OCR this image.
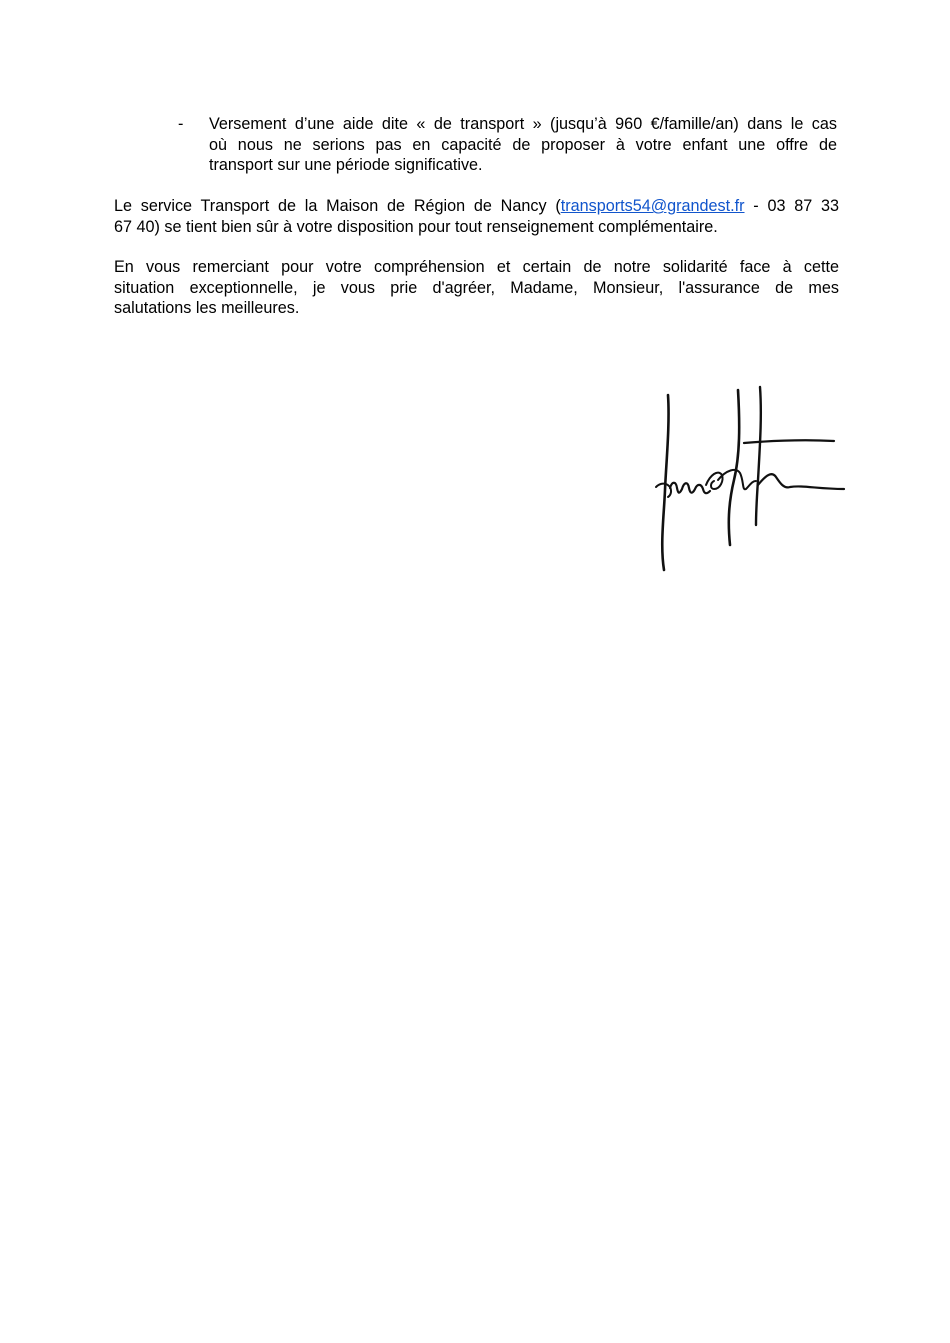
- Versement d’une aide dite « de transport » (jusqu’à 960 €/famille/an) dans le cas
où nous ne serions pas en capacité de proposer à votre enfant une offre de
transport sur une période significative.
Le service Transport de la Maison de Région de Nancy (transports54@grandest.fr - 03 87 33
67 40) se tient bien sûr à votre disposition pour tout renseignement complémentaire.
En vous remerciant pour votre compréhension et certain de notre solidarité face à cette
situation exceptionnelle, je vous prie d'agréer, Madame, Monsieur, l'assurance de mes
salutations les meilleures.
